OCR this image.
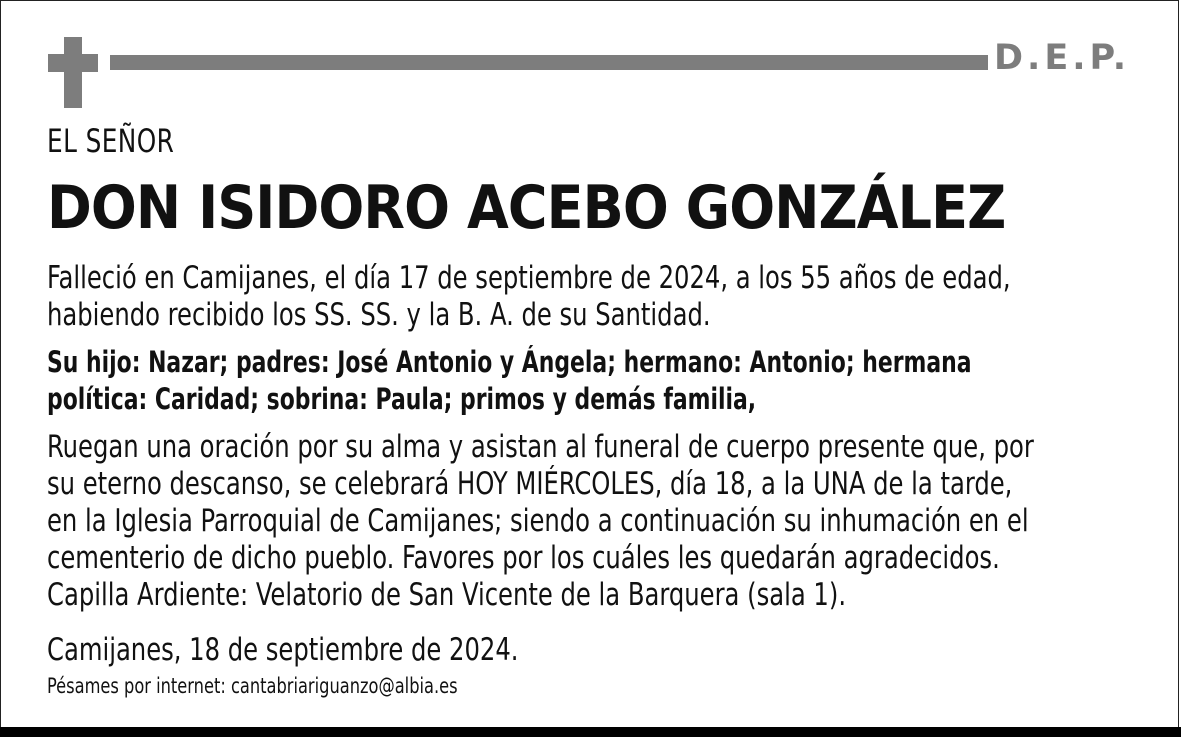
D.E.P.
EL SEÑOR
DON ISIDORO ACEBO GONZÁLEZ
Falleció en Camijanes, el día 17 de septiembre de 2024, a los 55 años de edad,
habiendo recibido los SS. SS. y la B. A. de su Santidad.
Su hijo: Nazar; padres: José Antonio y Ángela; hermano: Antonio; hermana
política: Caridad; sobrina: Paula; primos y demás familia,
Ruegan una oración por su alma y asistan al funeral de cuerpo presente que, por
su eterno descanso, se celebrará HOY MIÉRCOLES, día 18, a la UNA de la tarde,
en la Iglesia Parroquial de Camijanes; siendo a continuación su inhumación en el
cementerio de dicho pueblo. Favores por los cuáles les quedarán agradecidos.
Capilla Ardiente: Velatorio de San Vicente de la Barquera (sala 1).
Camijanes, 18 de septiembre de 2024.
Pésames por internet: cantabriariguanzo@albia.es
